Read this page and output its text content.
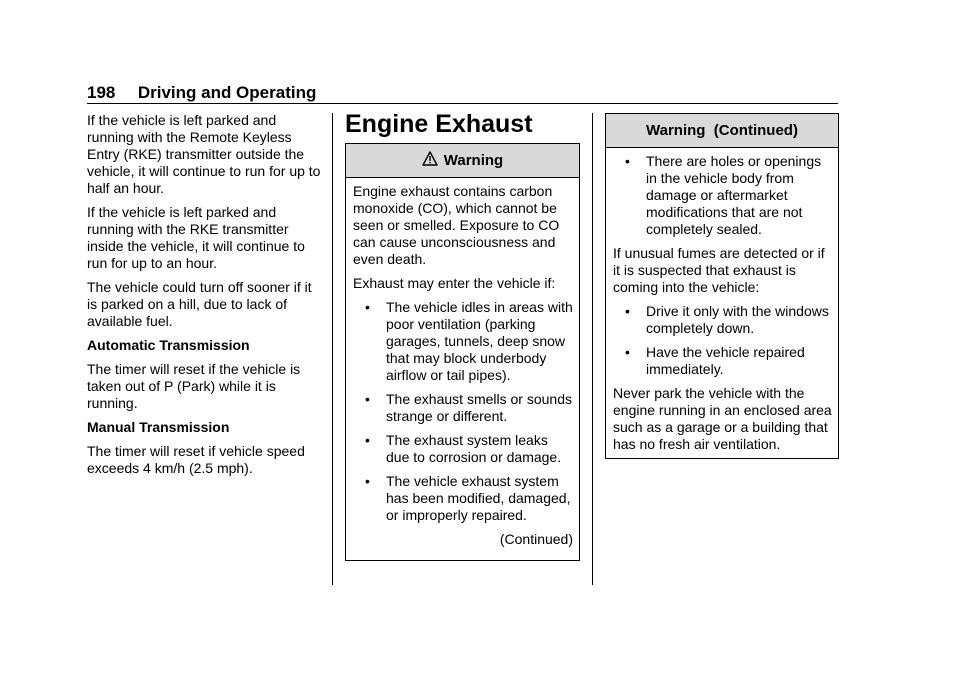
198 Driving and Operating

If the vehicle is left parked and running with the Remote Keyless Entry (RKE) transmitter outside the vehicle, it will continue to run for up to half an hour.

If the vehicle is left parked and running with the RKE transmitter inside the vehicle, it will continue to run for up to an hour.

The vehicle could turn off sooner if it is parked on a hill, due to lack of available fuel.

Automatic Transmission

The timer will reset if the vehicle is taken out of P (Park) while it is running.

Manual Transmission

The timer will reset if vehicle speed exceeds 4 km/h (2.5 mph).

Engine Exhaust
Warning

Engine exhaust contains carbon monoxide (CO), which cannot be seen or smelled. Exposure to CO can cause unconsciousness and even death.

Exhaust may enter the vehicle if:

• The vehicle idles in areas with poor ventilation (parking garages, tunnels, deep snow that may block underbody airflow or tail pipes).
• The exhaust smells or sounds strange or different.
• The exhaust system leaks due to corrosion or damage.
• The vehicle exhaust system has been modified, damaged, or improperly repaired.
(Continued)
Warning  (Continued)
• There are holes or openings in the vehicle body from damage or aftermarket modifications that are not completely sealed.

If unusual fumes are detected or if it is suspected that exhaust is coming into the vehicle:

• Drive it only with the windows completely down.
• Have the vehicle repaired immediately.

Never park the vehicle with the engine running in an enclosed area such as a garage or a building that has no fresh air ventilation.
